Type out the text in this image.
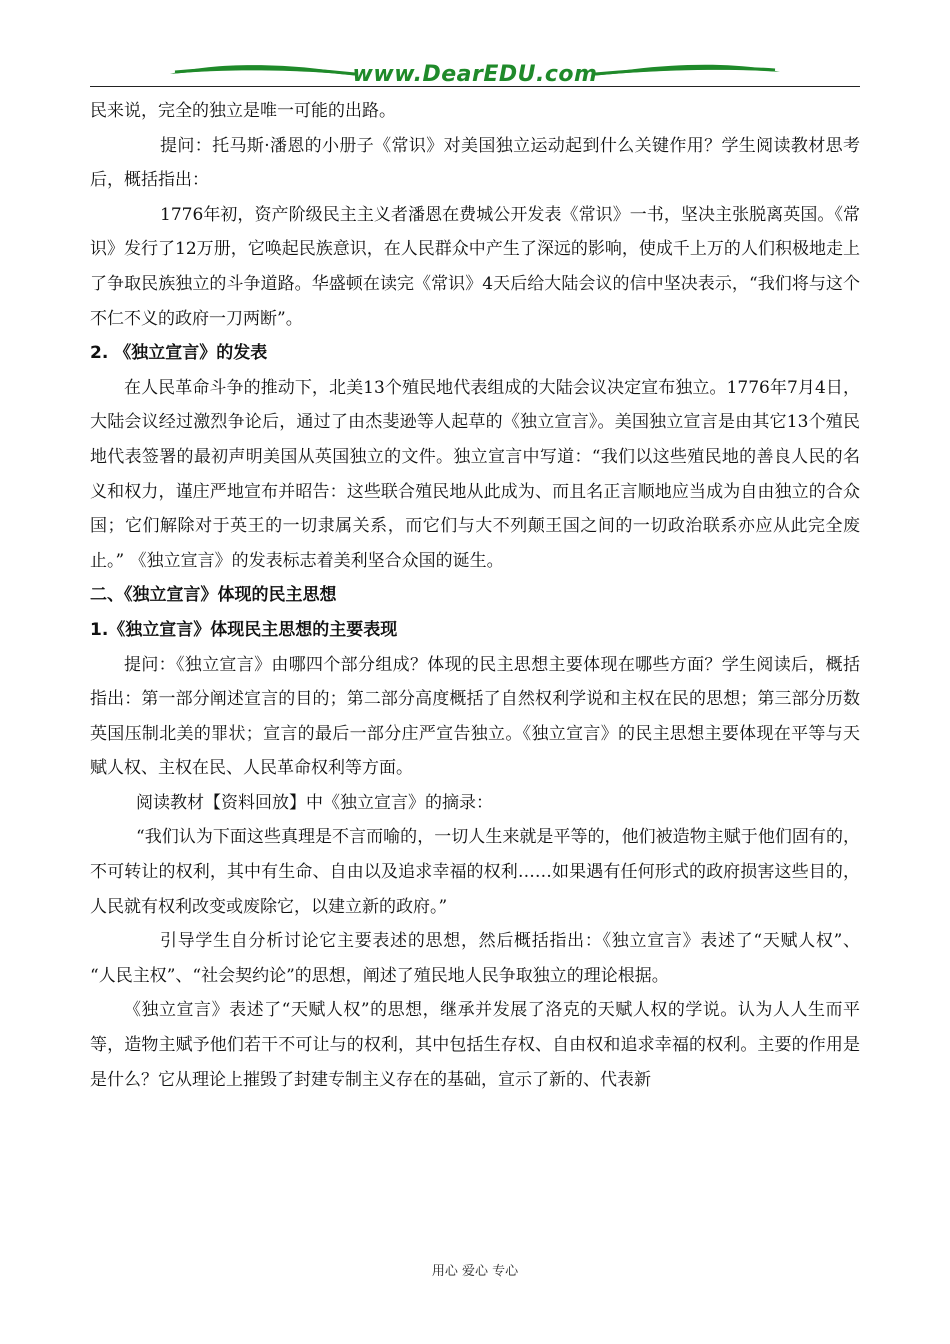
www.DearEDU.com

民来说，完全的独立是唯一可能的出路。

提问：托马斯·潘恩的小册子《常识》对美国独立运动起到什么关键作用？学生阅读教材思考后，概括指出：

1776年初，资产阶级民主主义者潘恩在费城公开发表《常识》一书，坚决主张脱离英国。《常识》发行了12万册，它唤起民族意识，在人民群众中产生了深远的影响，使成千上万的人们积极地走上了争取民族独立的斗争道路。华盛顿在读完《常识》4天后给大陆会议的信中坚决表示，“我们将与这个不仁不义的政府一刀两断”。

2. 《独立宣言》的发表

在人民革命斗争的推动下，北美13个殖民地代表组成的大陆会议决定宣布独立。1776年7月4日，大陆会议经过激烈争论后，通过了由杰斐逊等人起草的《独立宣言》。美国独立宣言是由其它13个殖民地代表签署的最初声明美国从英国独立的文件。独立宣言中写道：“我们以这些殖民地的善良人民的名义和权力，谨庄严地宣布并昭告：这些联合殖民地从此成为、而且名正言顺地应当成为自由独立的合众国；它们解除对于英王的一切隶属关系，而它们与大不列颠王国之间的一切政治联系亦应从此完全废止。” 《独立宣言》的发表标志着美利坚合众国的诞生。

二、《独立宣言》体现的民主思想

1.《独立宣言》体现民主思想的主要表现

提问：《独立宣言》由哪四个部分组成？体现的民主思想主要体现在哪些方面？学生阅读后，概括指出：第一部分阐述宣言的目的；第二部分高度概括了自然权利学说和主权在民的思想；第三部分历数英国压制北美的罪状；宣言的最后一部分庄严宣告独立。《独立宣言》的民主思想主要体现在平等与天赋人权、主权在民、人民革命权利等方面。

阅读教材【资料回放】中《独立宣言》的摘录：

“我们认为下面这些真理是不言而喻的，一切人生来就是平等的，他们被造物主赋于他们固有的，不可转让的权利，其中有生命、自由以及追求幸福的权利……如果遇有任何形式的政府损害这些目的，人民就有权利改变或废除它，以建立新的政府。”

引导学生自分析讨论它主要表述的思想，然后概括指出：《独立宣言》表述了“天赋人权”、 “人民主权”、“社会契约论”的思想，阐述了殖民地人民争取独立的理论根据。

《独立宣言》表述了“天赋人权”的思想，继承并发展了洛克的天赋人权的学说。认为人人生而平等，造物主赋予他们若干不可让与的权利，其中包括生存权、自由权和追求幸福的权利。主要的作用是是什么？它从理论上摧毁了封建专制主义存在的基础，宣示了新的、代表新

用心 爱心 专心
